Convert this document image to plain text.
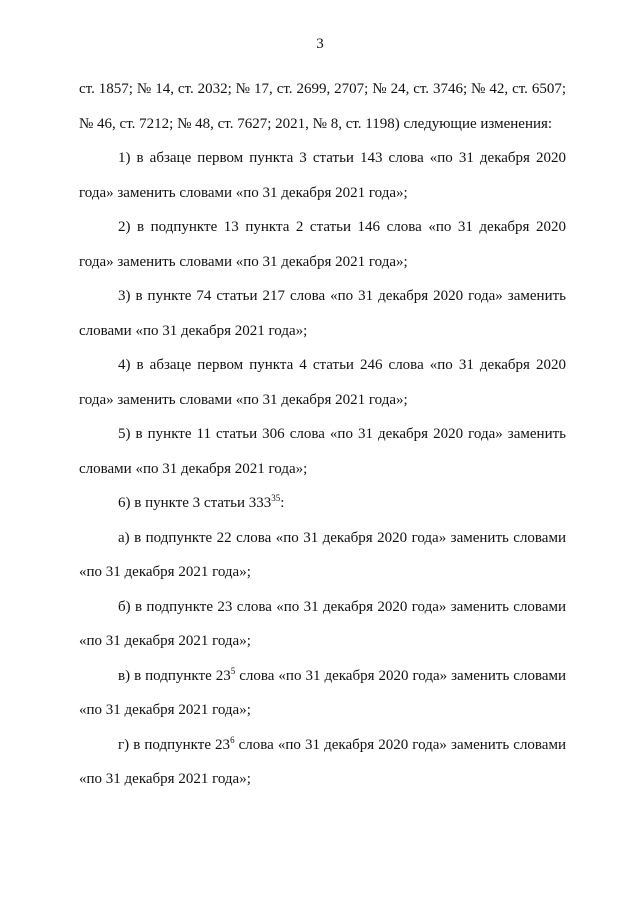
3

ст. 1857; № 14, ст. 2032; № 17, ст. 2699, 2707; № 24, ст. 3746; № 42, ст. 6507; № 46, ст. 7212; № 48, ст. 7627; 2021, № 8, ст. 1198) следующие изменения:

1) в абзаце первом пункта 3 статьи 143 слова «по 31 декабря 2020 года» заменить словами «по 31 декабря 2021 года»;

2) в подпункте 13 пункта 2 статьи 146 слова «по 31 декабря 2020 года» заменить словами «по 31 декабря 2021 года»;

3) в пункте 74 статьи 217 слова «по 31 декабря 2020 года» заменить словами «по 31 декабря 2021 года»;

4) в абзаце первом пункта 4 статьи 246 слова «по 31 декабря 2020 года» заменить словами «по 31 декабря 2021 года»;

5) в пункте 11 статьи 306 слова «по 31 декабря 2020 года» заменить словами «по 31 декабря 2021 года»;

6) в пункте 3 статьи $333^{35}$:

а) в подпункте 22 слова «по 31 декабря 2020 года» заменить словами «по 31 декабря 2021 года»;

б) в подпункте 23 слова «по 31 декабря 2020 года» заменить словами «по 31 декабря 2021 года»;

в) в подпункте $23^5$ слова «по 31 декабря 2020 года» заменить словами «по 31 декабря 2021 года»;

г) в подпункте $23^6$ слова «по 31 декабря 2020 года» заменить словами «по 31 декабря 2021 года»;
